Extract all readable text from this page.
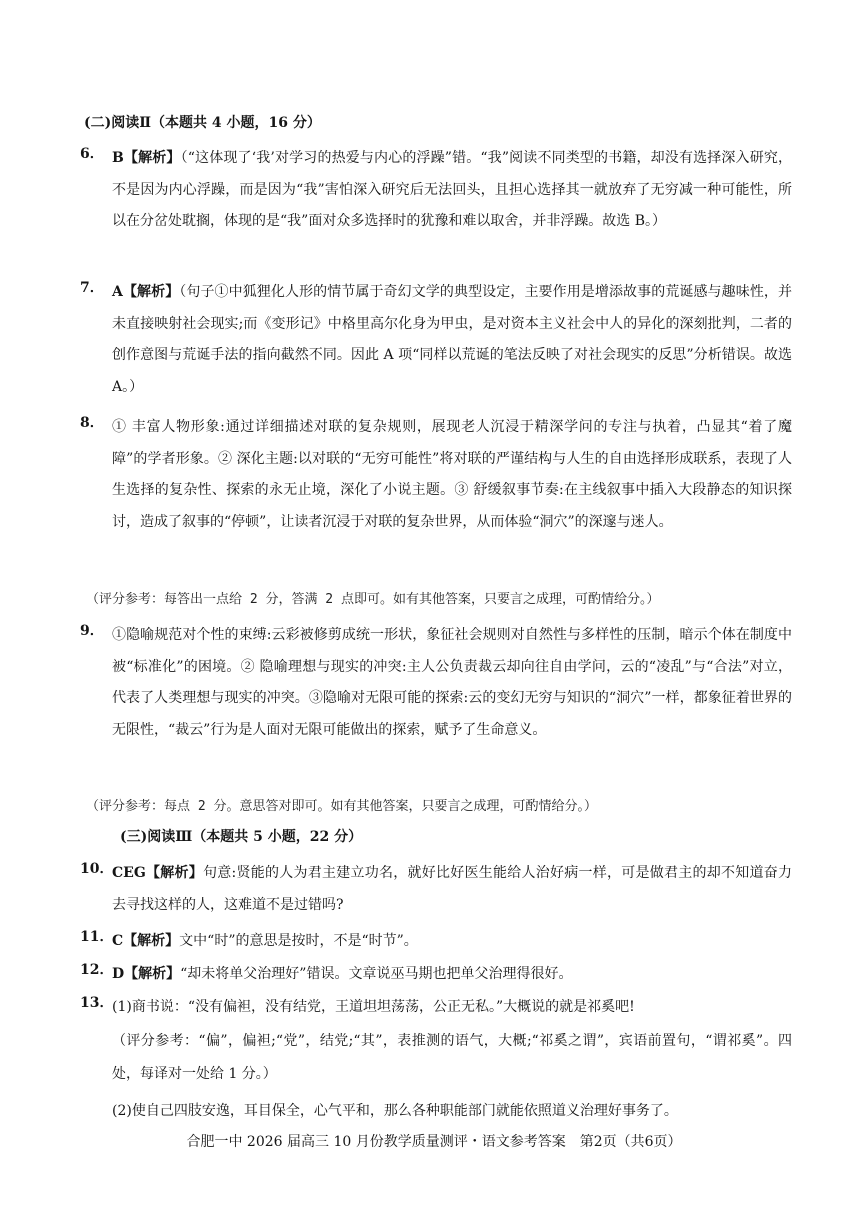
(二)阅读Ⅱ（本题共 4 小题，16 分）
6． B【解析】（“这体现了‘我’对学习的热爱与内心的浮躁”错。“我”阅读不同类型的书籍，却没有选择深入研究，不是因为内心浮躁，而是因为“我”害怕深入研究后无法回头，且担心选择其一就放弃了无穷减一种可能性，所以在分岔处耽搁，体现的是“我”面对众多选择时的犹豫和难以取舍，并非浮躁。故选 B。）
7． A【解析】（句子①中狐狸化人形的情节属于奇幻文学的典型设定，主要作用是增添故事的荒诞感与趣味性，并未直接映射社会现实;而《变形记》中格里高尔化身为甲虫，是对资本主义社会中人的异化的深刻批判，二者的创作意图与荒诞手法的指向截然不同。因此 A 项“同样以荒诞的笔法反映了对社会现实的反思”分析错误。故选 A。）
8． ① 丰富人物形象:通过详细描述对联的复杂规则，展现老人沉浸于精深学问的专注与执着，凸显其“着了魔障”的学者形象。② 深化主题:以对联的“无穷可能性”将对联的严谨结构与人生的自由选择形成联系，表现了人生选择的复杂性、探索的永无止境，深化了小说主题。③ 舒缓叙事节奏:在主线叙事中插入大段静态的知识探讨，造成了叙事的“停顿”，让读者沉浸于对联的复杂世界，从而体验“洞穴”的深邃与迷人。
（评分参考：每答出一点给 2 分，答满 2 点即可。如有其他答案，只要言之成理，可酌情给分。）
9． ①隐喻规范对个性的束缚:云彩被修剪成统一形状，象征社会规则对自然性与多样性的压制，暗示个体在制度中被“标准化”的困境。② 隐喻理想与现实的冲突:主人公负责裁云却向往自由学问，云的“凌乱”与“合法”对立，代表了人类理想与现实的冲突。③隐喻对无限可能的探索:云的变幻无穷与知识的“洞穴”一样，都象征着世界的无限性，“裁云”行为是人面对无限可能做出的探索，赋予了生命意义。
（评分参考：每点 2 分。意思答对即可。如有其他答案，只要言之成理，可酌情给分。）
(三)阅读Ⅲ（本题共 5 小题，22 分）
10．
CEG【解析】句意:贤能的人为君主建立功名，就好比好医生能给人治好病一样，可是做君主的却不知道奋力去寻找这样的人，这难道不是过错吗?
11．
C【解析】文中“时”的意思是按时，不是“时节”。
12．
D【解析】“却未将单父治理好”错误。文章说巫马期也把单父治理得很好。
13．
(1)商书说：“没有偏袒，没有结党，王道坦坦荡荡，公正无私。”大概说的就是祁奚吧!
（评分参考：“偏”，偏袒;“党”，结党;“其”，表推测的语气，大概;“祁奚之谓”，宾语前置句，“谓祁奚”。四处，每译对一处给 1 分。）
(2)使自己四肢安逸，耳目保全，心气平和，那么各种职能部门就能依照道义治理好事务了。
合肥一中 2026 届高三 10 月份教学质量测评・语文参考答案　第2页（共6页）
